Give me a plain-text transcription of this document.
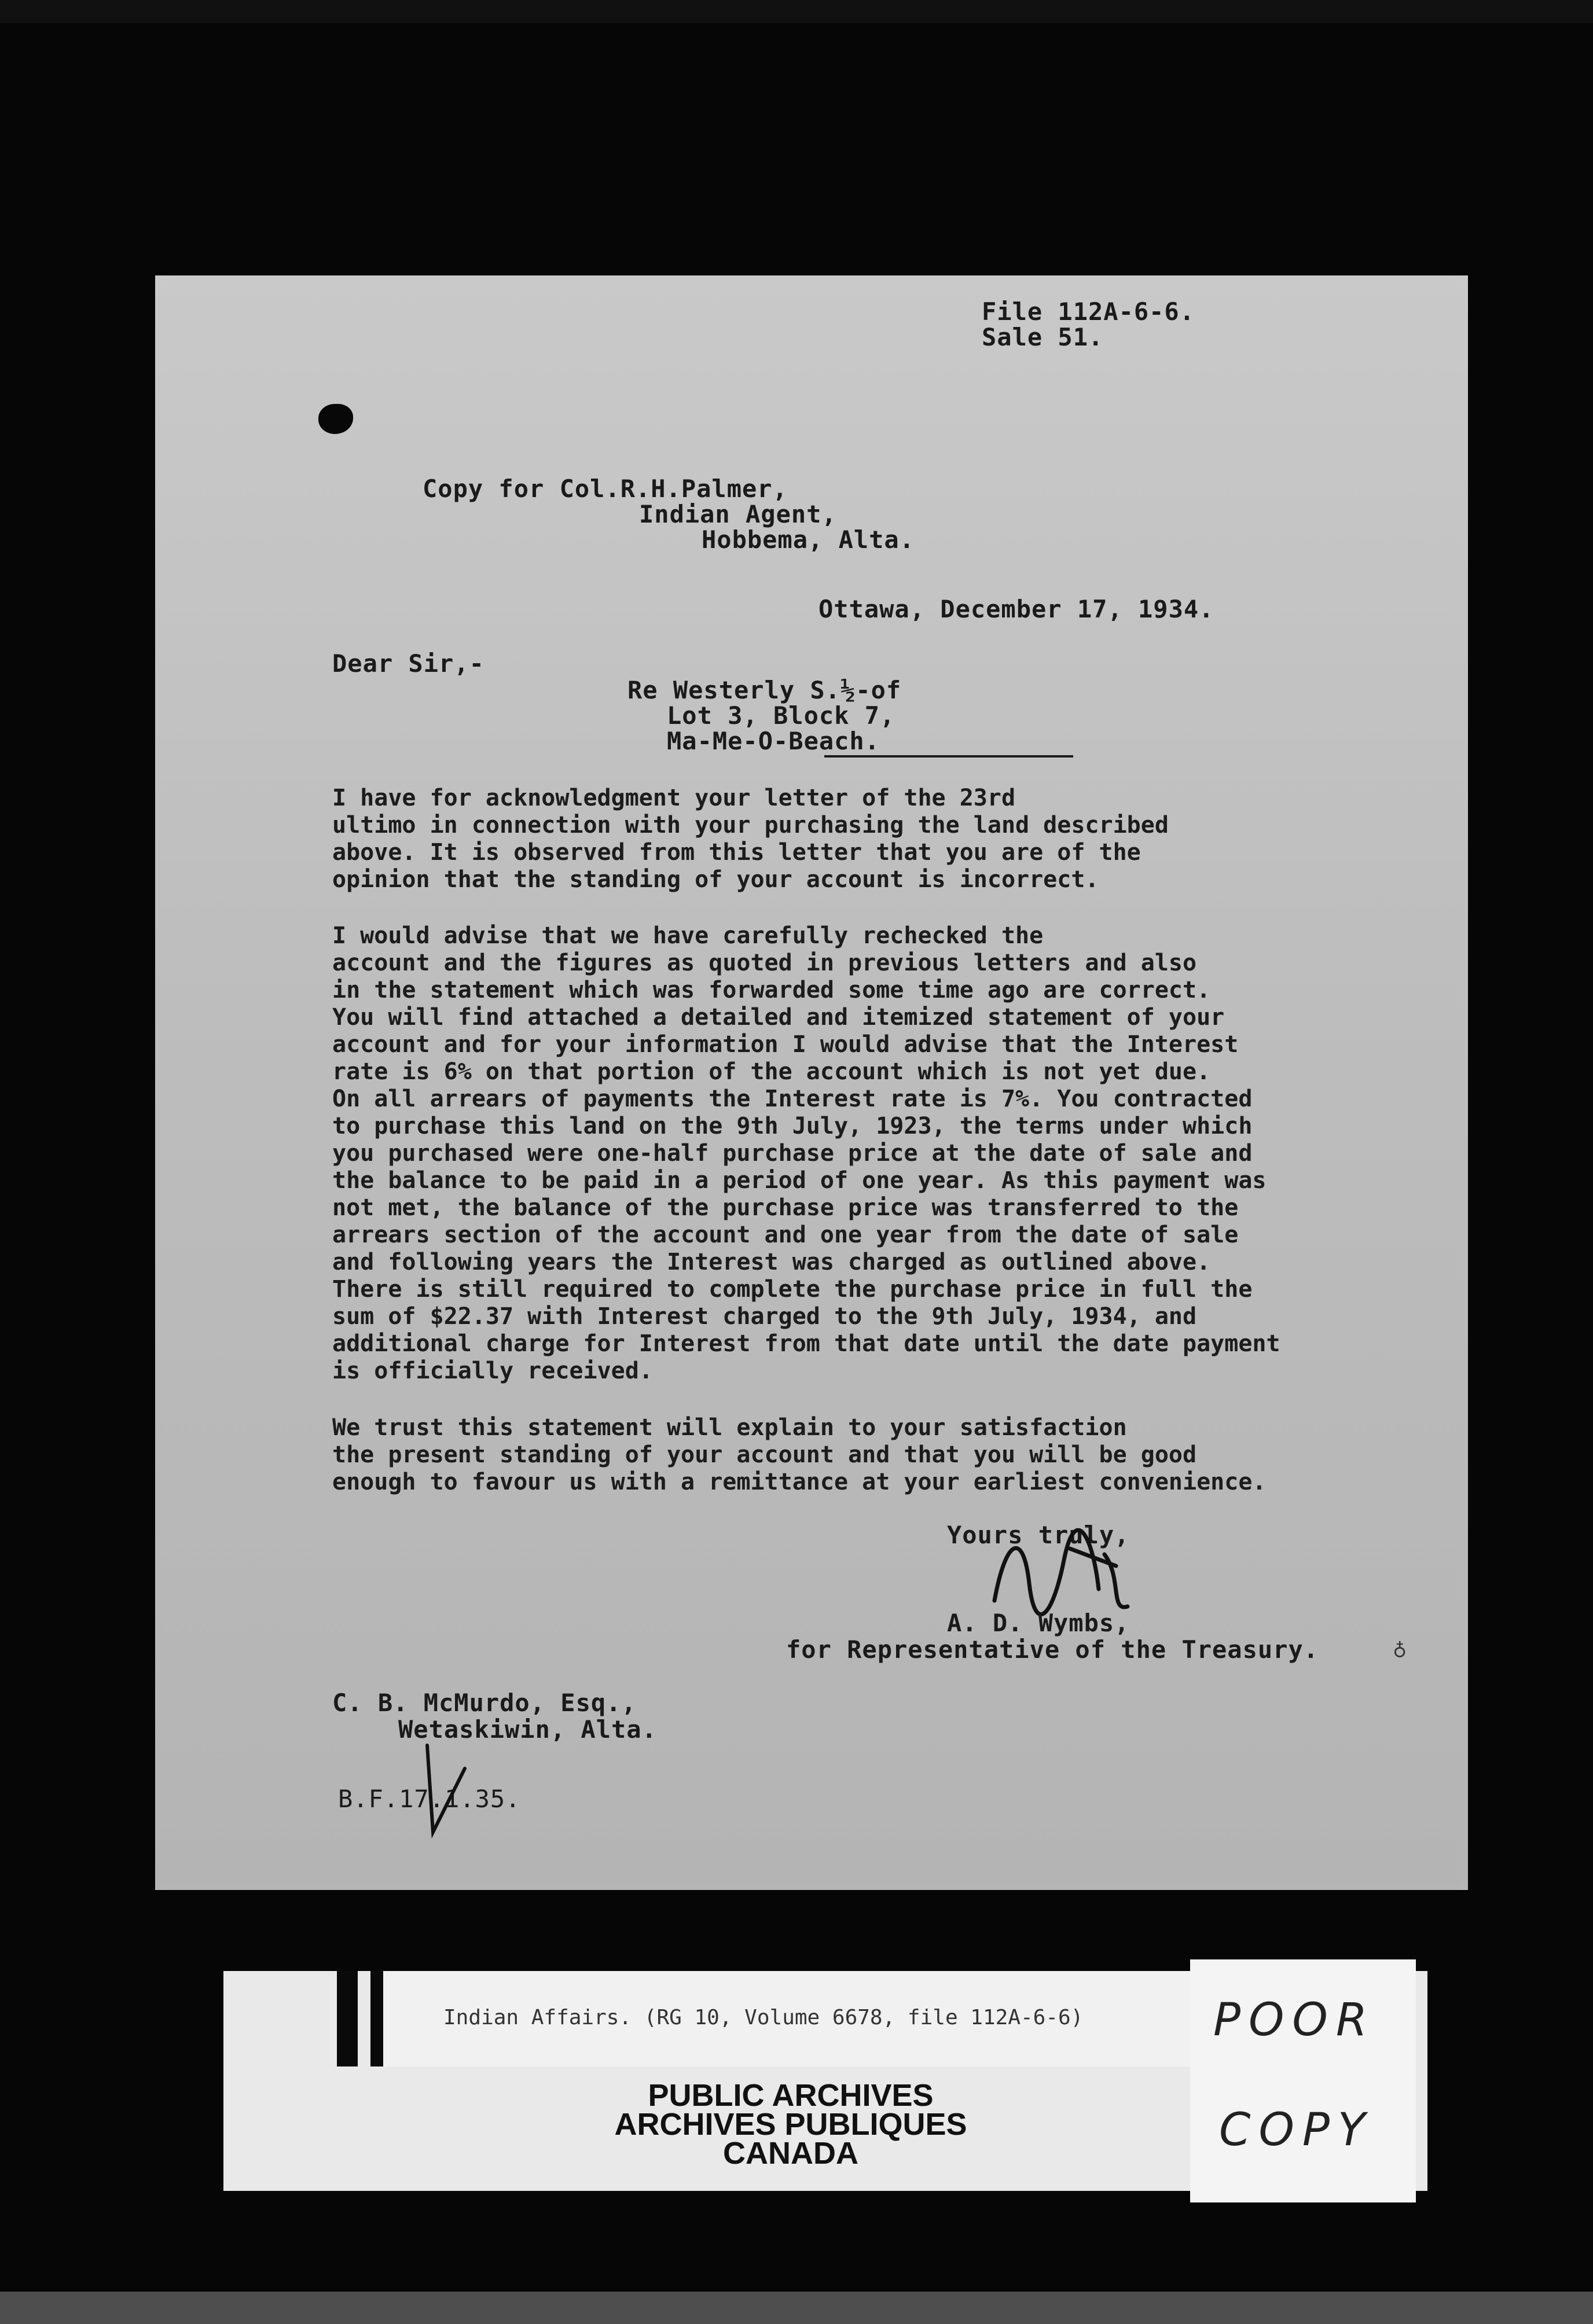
File 112A-6-6.
Sale 51.
Copy for Col.R.H.Palmer,
Indian Agent,
Hobbema, Alta.
Ottawa, December 17, 1934.
Dear Sir,-
Re Westerly S.½-of
Lot 3, Block 7,
Ma-Me-O-Beach.
I have for acknowledgment your letter of the 23rd
ultimo in connection with your purchasing the land described
above. It is observed from this letter that you are of the
opinion that the standing of your account is incorrect.
I would advise that we have carefully rechecked the
account and the figures as quoted in previous letters and also
in the statement which was forwarded some time ago are correct.
You will find attached a detailed and itemized statement of your
account and for your information I would advise that the Interest
rate is 6% on that portion of the account which is not yet due.
On all arrears of payments the Interest rate is 7%. You contracted
to purchase this land on the 9th July, 1923, the terms under which
you purchased were one-half purchase price at the date of sale and
the balance to be paid in a period of one year. As this payment was
not met, the balance of the purchase price was transferred to the
arrears section of the account and one year from the date of sale
and following years the Interest was charged as outlined above.
There is still required to complete the purchase price in full the
sum of $22.37 with Interest charged to the 9th July, 1934, and
additional charge for Interest from that date until the date payment
is officially received.
We trust this statement will explain to your satisfaction
the present standing of your account and that you will be good
enough to favour us with a remittance at your earliest convenience.
Yours truly,
A. D. Wymbs,
for Representative of the Treasury.	♁
C. B. McMurdo, Esq.,
Wetaskiwin, Alta.
B.F.17.1.35.
Indian Affairs. (RG 10, Volume 6678, file 112A-6-6)
PUBLIC ARCHIVES
ARCHIVES PUBLIQUES
CANADA
POOR
COPY
